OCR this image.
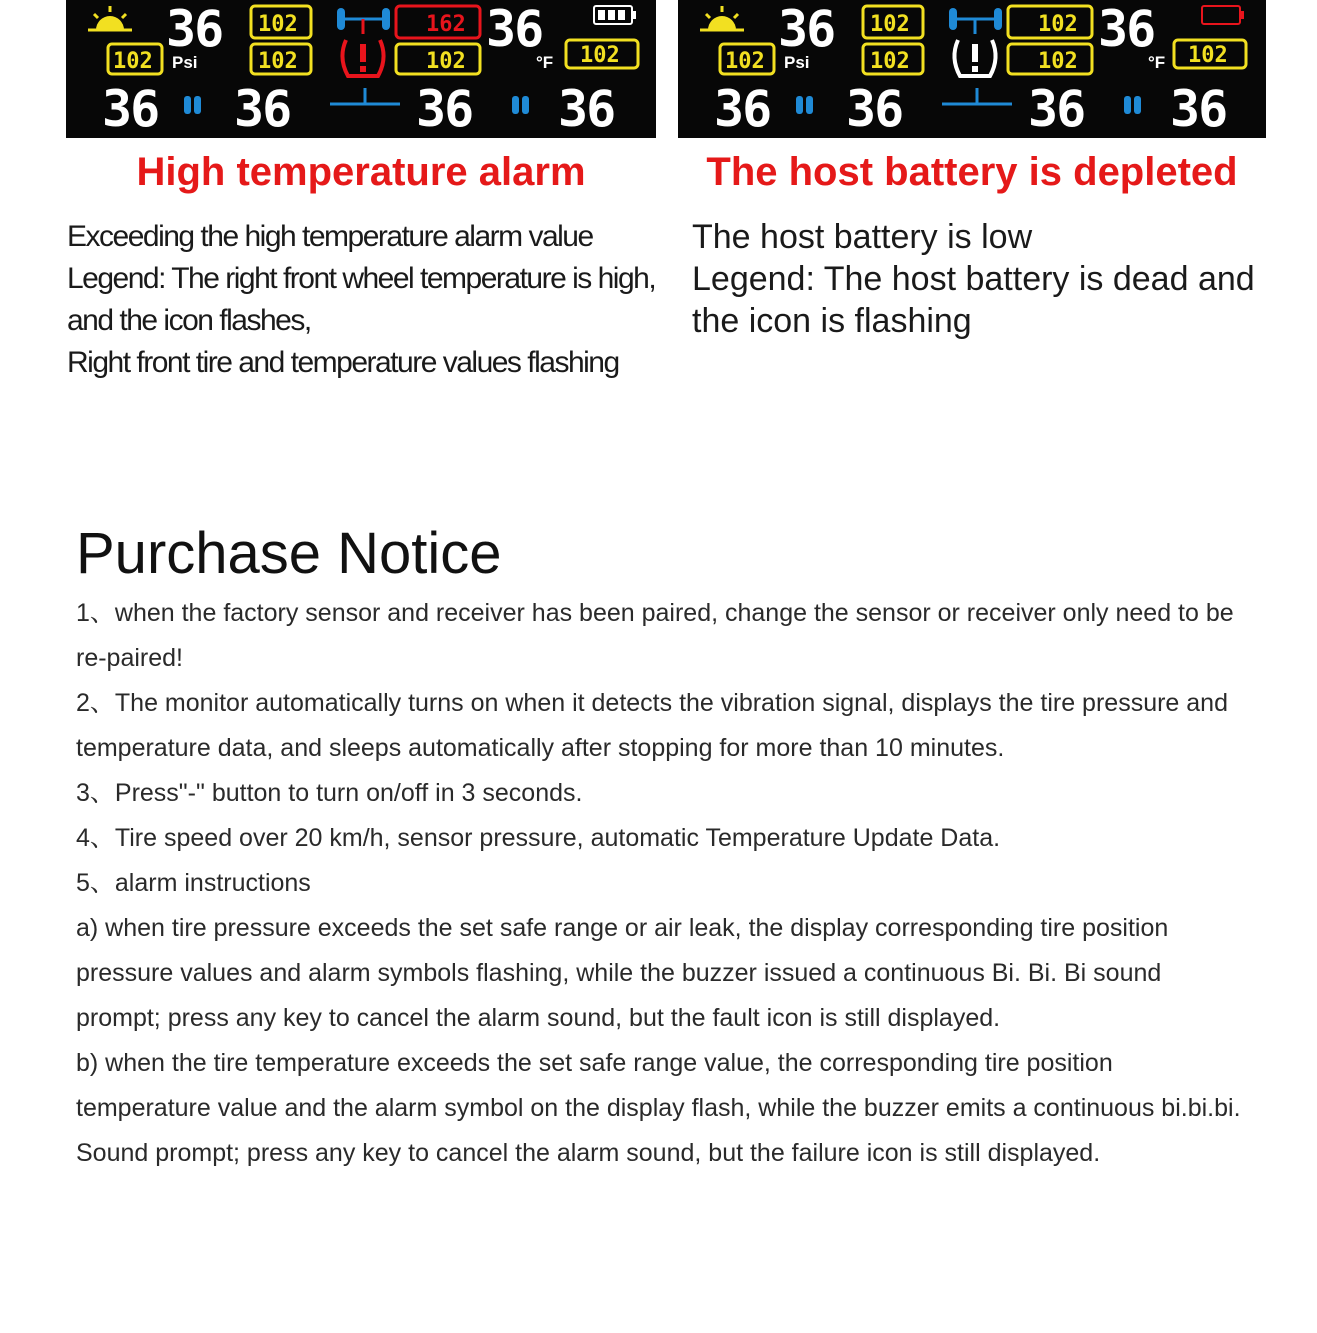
36 102
102 Psi	102
162
102
36
°F 102
36 36	36 36
36 102
102 Psi	102
102
102
36
°F 102
36 36	36 36
High temperature alarm	The host battery is depleted
Exceeding the high temperature alarm value
Legend: The right front wheel temperature is high,
and the icon flashes,
Right front tire and temperature values flashing
The host battery is low
Legend: The host battery is dead and
the icon is flashing
Purchase Notice

1、when the factory sensor and receiver has been paired, change the sensor or receiver only need to be re-paired!

2、The monitor automatically turns on when it detects the vibration signal, displays the tire pressure and temperature data, and sleeps automatically after stopping for more than 10 minutes.

3、Press"-" button to turn on/off in 3 seconds.

4、Tire speed over 20 km/h, sensor pressure, automatic Temperature Update Data.

5、alarm instructions

a) when tire pressure exceeds the set safe range or air leak, the display corresponding tire position pressure values and alarm symbols flashing, while the buzzer issued a continuous Bi. Bi. Bi sound prompt; press any key to cancel the alarm sound, but the fault icon is still displayed.

b) when the tire temperature exceeds the set safe range value, the corresponding tire position temperature value and the alarm symbol on the display flash, while the buzzer emits a continuous bi.bi.bi. Sound prompt; press any key to cancel the alarm sound, but the failure icon is still displayed.
